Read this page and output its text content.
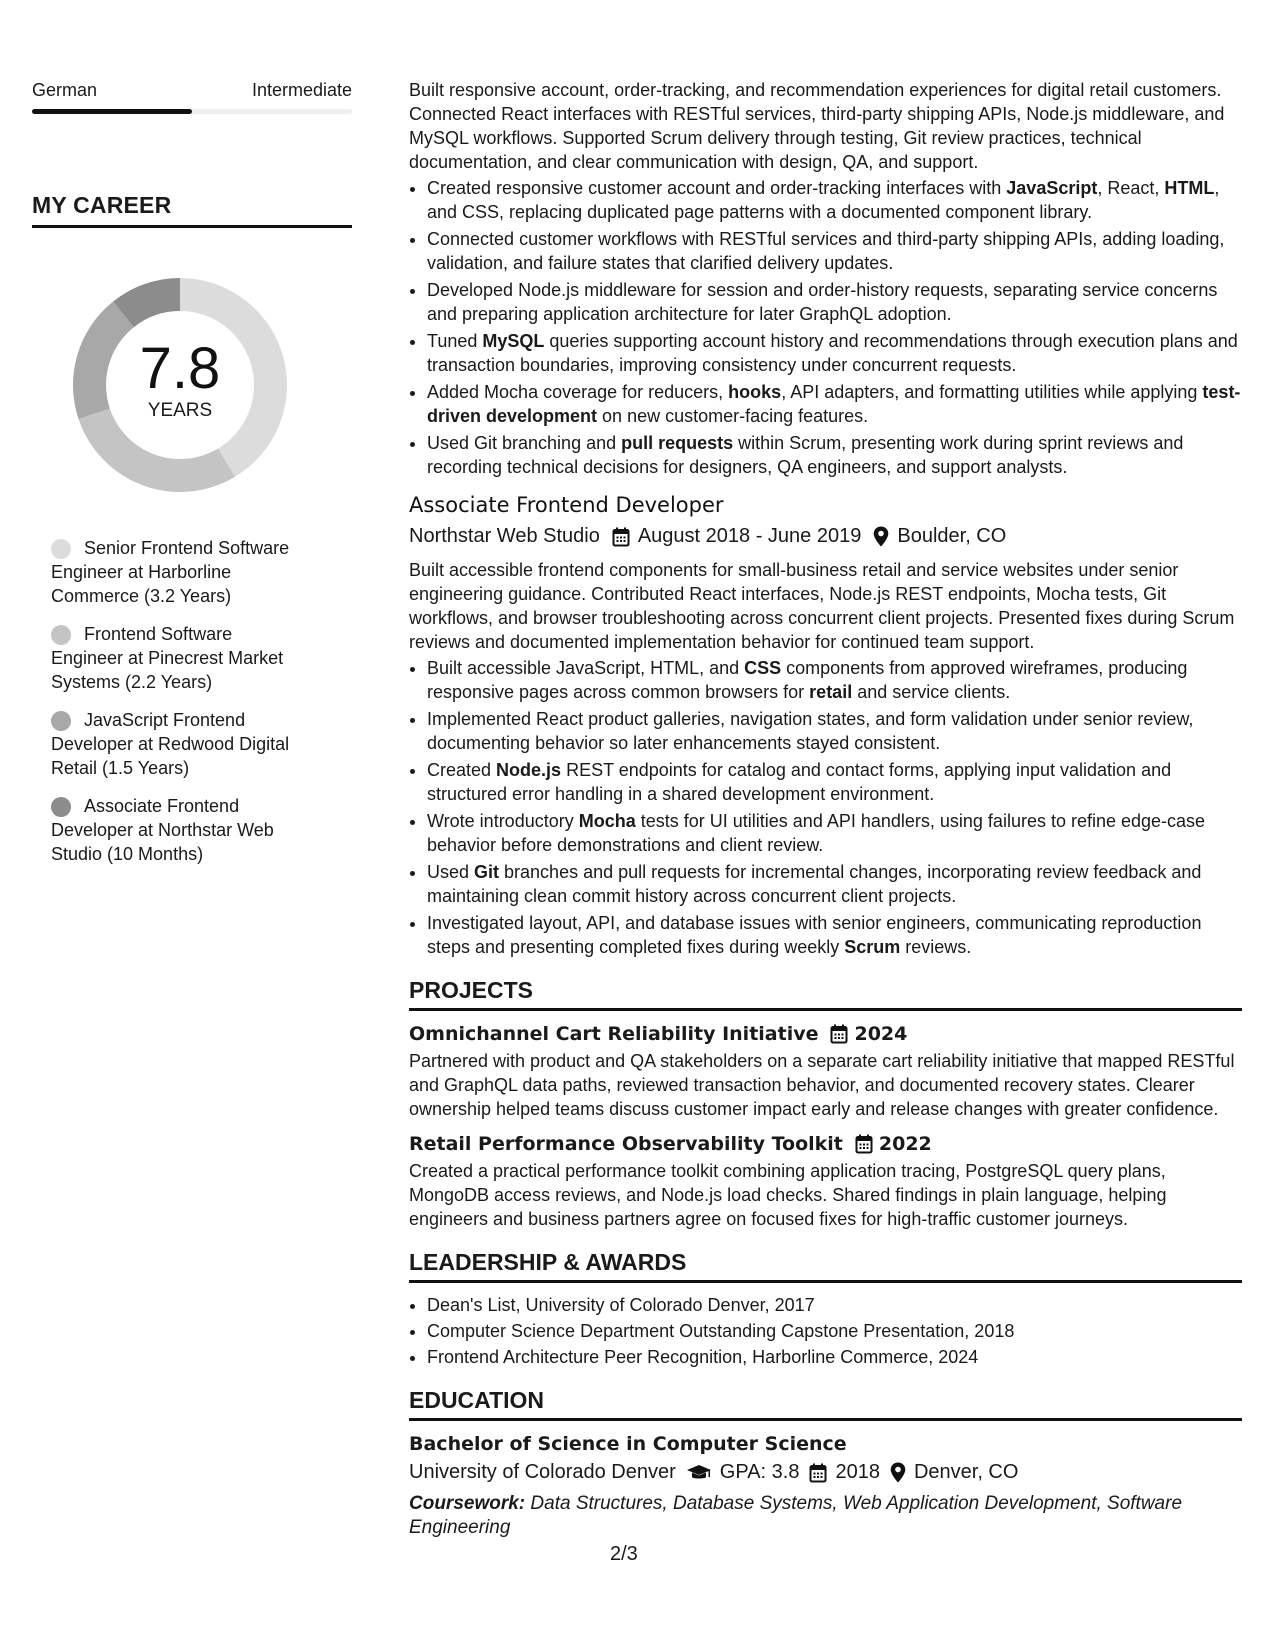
German	Intermediate
MY CAREER
7.8
YEARS
Senior Frontend Software Engineer at Harborline Commerce (3.2 Years)
Frontend Software Engineer at Pinecrest Market Systems (2.2 Years)
JavaScript Frontend Developer at Redwood Digital Retail (1.5 Years)
Associate Frontend Developer at Northstar Web Studio (10 Months)

Built responsive account, order-tracking, and recommendation experiences for digital retail customers. Connected React interfaces with RESTful services, third-party shipping APIs, Node.js middleware, and MySQL workflows. Supported Scrum delivery through testing, Git review practices, technical documentation, and clear communication with design, QA, and support.

• Created responsive customer account and order-tracking interfaces with JavaScript, React, HTML, and CSS, replacing duplicated page patterns with a documented component library.
• Connected customer workflows with RESTful services and third-party shipping APIs, adding loading, validation, and failure states that clarified delivery updates.
• Developed Node.js middleware for session and order-history requests, separating service concerns and preparing application architecture for later GraphQL adoption.
• Tuned MySQL queries supporting account history and recommendations through execution plans and transaction boundaries, improving consistency under concurrent requests.
• Added Mocha coverage for reducers, hooks, API adapters, and formatting utilities while applying test-driven development on new customer-facing features.
• Used Git branching and pull requests within Scrum, presenting work during sprint reviews and recording technical decisions for designers, QA engineers, and support analysts.
Associate Frontend Developer
Northstar Web Studio August 2018 - June 2019 Boulder, CO

Built accessible frontend components for small-business retail and service websites under senior engineering guidance. Contributed React interfaces, Node.js REST endpoints, Mocha tests, Git workflows, and browser troubleshooting across concurrent client projects. Presented fixes during Scrum reviews and documented implementation behavior for continued team support.

• Built accessible JavaScript, HTML, and CSS components from approved wireframes, producing responsive pages across common browsers for retail and service clients.
• Implemented React product galleries, navigation states, and form validation under senior review, documenting behavior so later enhancements stayed consistent.
• Created Node.js REST endpoints for catalog and contact forms, applying input validation and structured error handling in a shared development environment.
• Wrote introductory Mocha tests for UI utilities and API handlers, using failures to refine edge-case behavior before demonstrations and client review.
• Used Git branches and pull requests for incremental changes, incorporating review feedback and maintaining clean commit history across concurrent client projects.
• Investigated layout, API, and database issues with senior engineers, communicating reproduction steps and presenting completed fixes during weekly Scrum reviews.
PROJECTS
Omnichannel Cart Reliability Initiative 2024

Partnered with product and QA stakeholders on a separate cart reliability initiative that mapped RESTful and GraphQL data paths, reviewed transaction behavior, and documented recovery states. Clearer ownership helped teams discuss customer impact early and release changes with greater confidence.

Retail Performance Observability Toolkit 2022

Created a practical performance toolkit combining application tracing, PostgreSQL query plans, MongoDB access reviews, and Node.js load checks. Shared findings in plain language, helping engineers and business partners agree on focused fixes for high-traffic customer journeys.

LEADERSHIP & AWARDS
• Dean's List, University of Colorado Denver, 2017
• Computer Science Department Outstanding Capstone Presentation, 2018
• Frontend Architecture Peer Recognition, Harborline Commerce, 2024
EDUCATION
Bachelor of Science in Computer Science
University of Colorado Denver GPA: 3.8 2018 Denver, CO
Coursework: Data Structures, Database Systems, Web Application Development, Software Engineering
2/3
